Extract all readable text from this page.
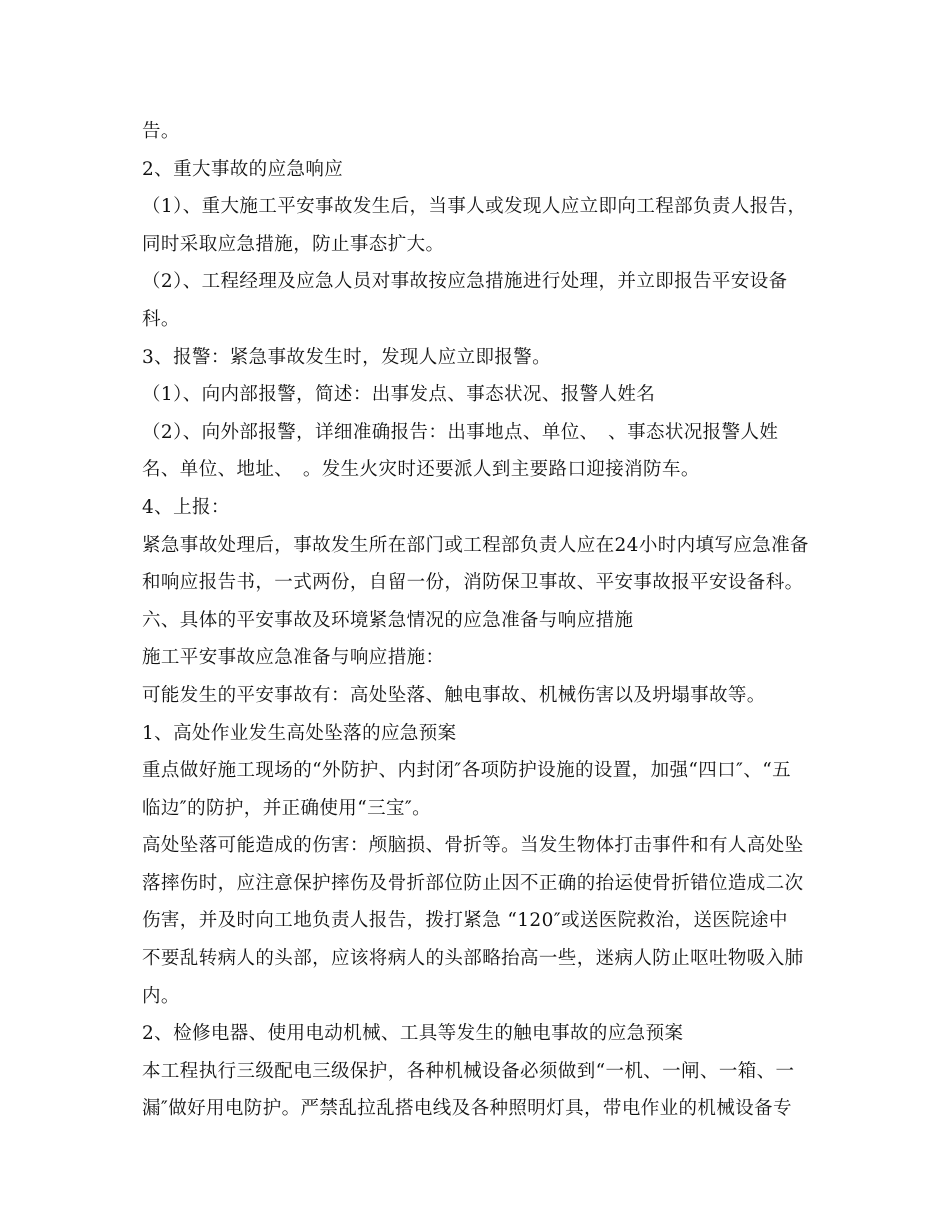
告。
2、重大事故的应急响应
（1）、重大施工平安事故发生后，当事人或发现人应立即向工程部负责人报告，
同时采取应急措施，防止事态扩大。
（2）、工程经理及应急人员对事故按应急措施进行处理，并立即报告平安设备
科。
3、报警：紧急事故发生时，发现人应立即报警。
（1）、向内部报警，简述：出事发点、事态状况、报警人姓名
（2）、向外部报警，详细准确报告：出事地点、单位、　、事态状况报警人姓
名、单位、地址、　。发生火灾时还要派人到主要路口迎接消防车。
4、上报：
紧急事故处理后，事故发生所在部门或工程部负责人应在24小时内填写应急准备
和响应报告书，一式两份，自留一份，消防保卫事故、平安事故报平安设备科。
六、具体的平安事故及环境紧急情况的应急准备与响应措施
施工平安事故应急准备与响应措施：
可能发生的平安事故有：高处坠落、触电事故、机械伤害以及坍塌事故等。
1、高处作业发生高处坠落的应急预案
重点做好施工现场的“外防护、内封闭″各项防护设施的设置，加强“四口″、“五
临边″的防护，并正确使用“三宝″。
高处坠落可能造成的伤害：颅脑损、骨折等。当发生物体打击事件和有人高处坠
落摔伤时，应注意保护摔伤及骨折部位防止因不正确的抬运使骨折错位造成二次
伤害，并及时向工地负责人报告，拨打紧急 “120″或送医院救治，送医院途中
不要乱转病人的头部，应该将病人的头部略抬高一些，迷病人防止呕吐物吸入肺
内。
2、检修电器、使用电动机械、工具等发生的触电事故的应急预案
本工程执行三级配电三级保护，各种机械设备必须做到“一机、一闸、一箱、一
漏″做好用电防护。严禁乱拉乱搭电线及各种照明灯具，带电作业的机械设备专
